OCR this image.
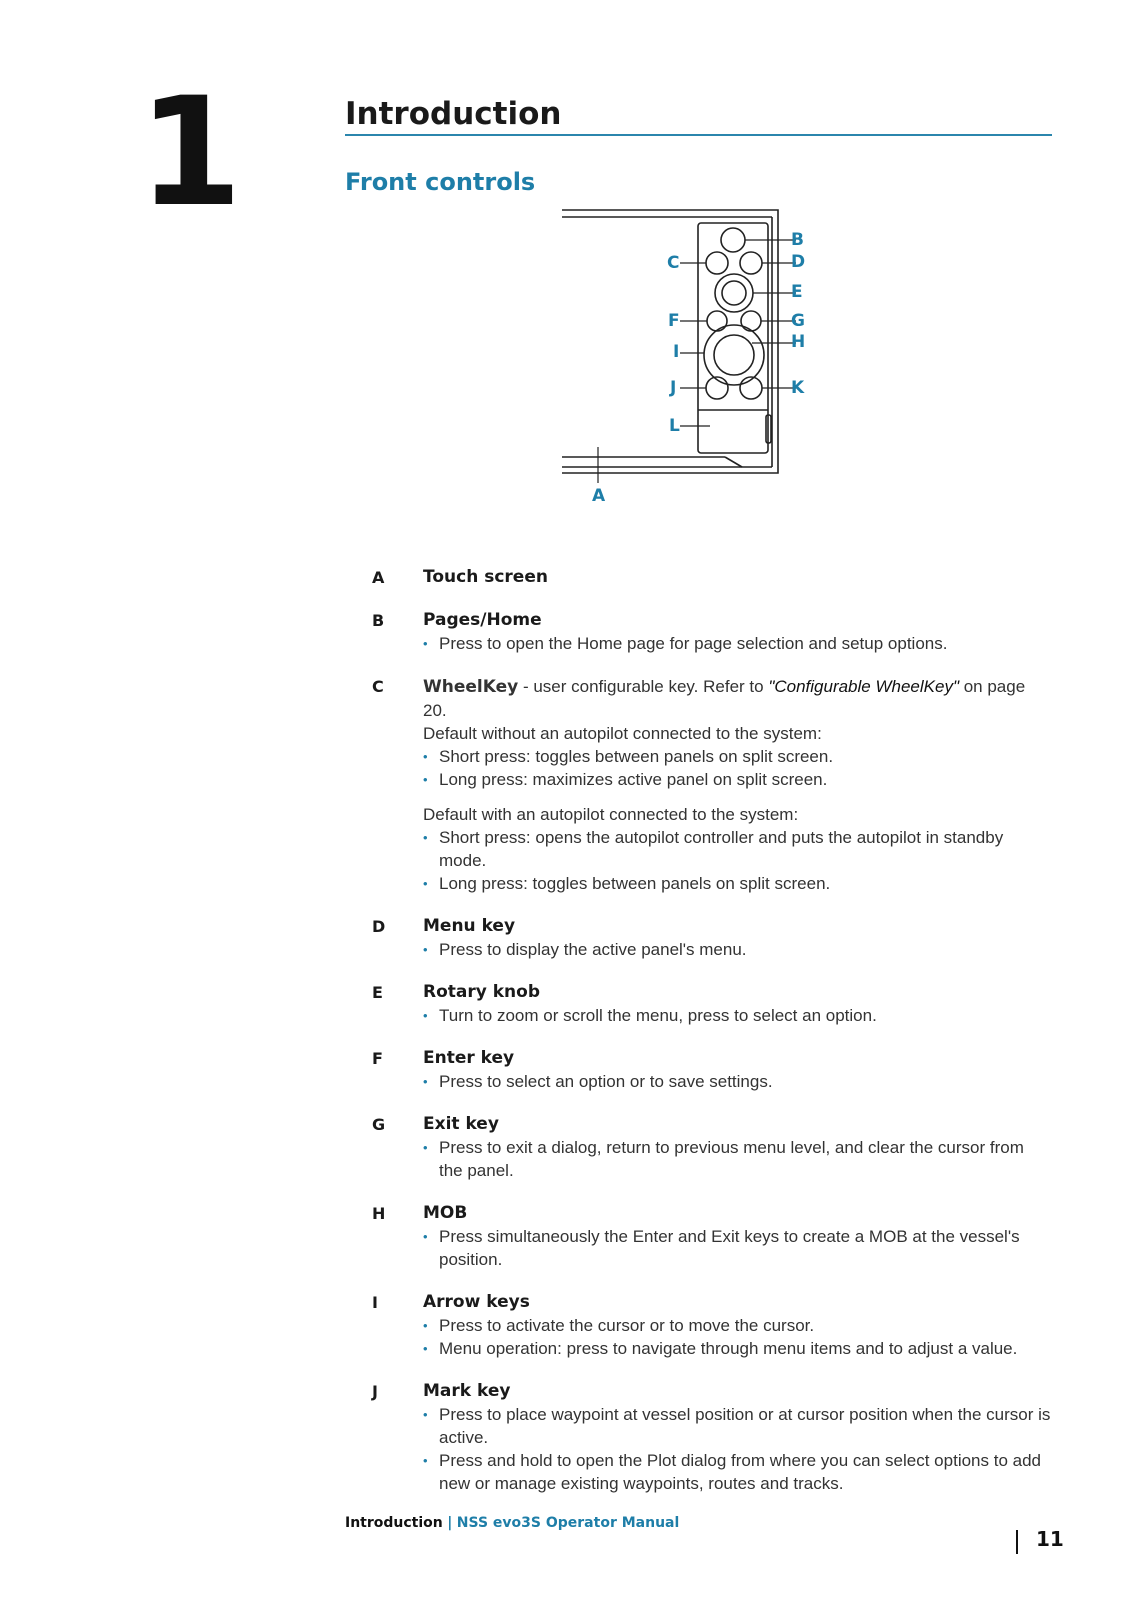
1	Introduction
Front controls
B
C	D
E
F	G
H
I
J	K
L
A
A	Touch screen
B	Pages/Home
• Press to open the Home page for page selection and setup options.
C	WheelKey - user configurable key. Refer to "Configurable WheelKey" on page 20.
Default without an autopilot connected to the system:
• Short press: toggles between panels on split screen.
• Long press: maximizes active panel on split screen.
Default with an autopilot connected to the system:
• Short press: opens the autopilot controller and puts the autopilot in standby mode.
• Long press: toggles between panels on split screen.
D	Menu key
• Press to display the active panel's menu.
E	Rotary knob
• Turn to zoom or scroll the menu, press to select an option.
F	Enter key
• Press to select an option or to save settings.
G	Exit key
• Press to exit a dialog, return to previous menu level, and clear the cursor from the panel.
H	MOB
• Press simultaneously the Enter and Exit keys to create a MOB at the vessel's position.
I	Arrow keys
• Press to activate the cursor or to move the cursor.
• Menu operation: press to navigate through menu items and to adjust a value.
J	Mark key
• Press to place waypoint at vessel position or at cursor position when the cursor is active.
• Press and hold to open the Plot dialog from where you can select options to add new or manage existing waypoints, routes and tracks.
Introduction | NSS evo3S Operator Manual
11
